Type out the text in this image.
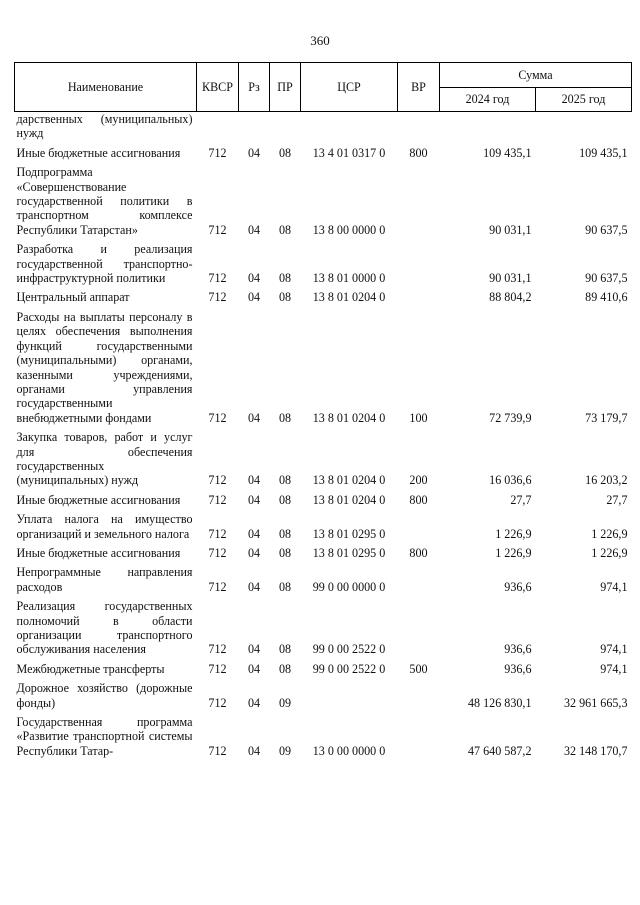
360
Наименование	КВСР	Рз	ПР	ЦСР	ВР	Сумма	
						2024 год	2025 год
дарственных (муниципальных) нужд							
Иные бюджетные ассигнования	712	04	08	13 4 01 0317 0	800	109 435,1	109 435,1
Подпрограмма «Совершенствование государственной политики в транспортном комплексе Республики Татарстан»	712	04	08	13 8 00 0000 0		90 031,1	90 637,5
Разработка и реализация государственной транспортно-инфраструктурной политики	712	04	08	13 8 01 0000 0		90 031,1	90 637,5
Центральный аппарат	712	04	08	13 8 01 0204 0		88 804,2	89 410,6
Расходы на выплаты персоналу в целях обеспечения выполнения функций государственными (муниципальными) органами, казенными учреждениями, органами управления государственными внебюджетными фондами	712	04	08	13 8 01 0204 0	100	72 739,9	73 179,7
Закупка товаров, работ и услуг для обеспечения государственных (муниципальных) нужд	712	04	08	13 8 01 0204 0	200	16 036,6	16 203,2
Иные бюджетные ассигнования	712	04	08	13 8 01 0204 0	800	27,7	27,7
Уплата налога на имущество организаций и земельного налога	712	04	08	13 8 01 0295 0		1 226,9	1 226,9
Иные бюджетные ассигнования	712	04	08	13 8 01 0295 0	800	1 226,9	1 226,9
Непрограммные направления расходов	712	04	08	99 0 00 0000 0		936,6	974,1
Реализация государственных полномочий в области организации транспортного обслуживания населения	712	04	08	99 0 00 2522 0		936,6	974,1
Межбюджетные трансферты	712	04	08	99 0 00 2522 0	500	936,6	974,1
Дорожное хозяйство (дорожные фонды)	712	04	09			48 126 830,1	32 961 665,3
Государственная программа «Развитие транспортной системы Республики Татар-	712	04	09	13 0 00 0000 0		47 640 587,2	32 148 170,7
